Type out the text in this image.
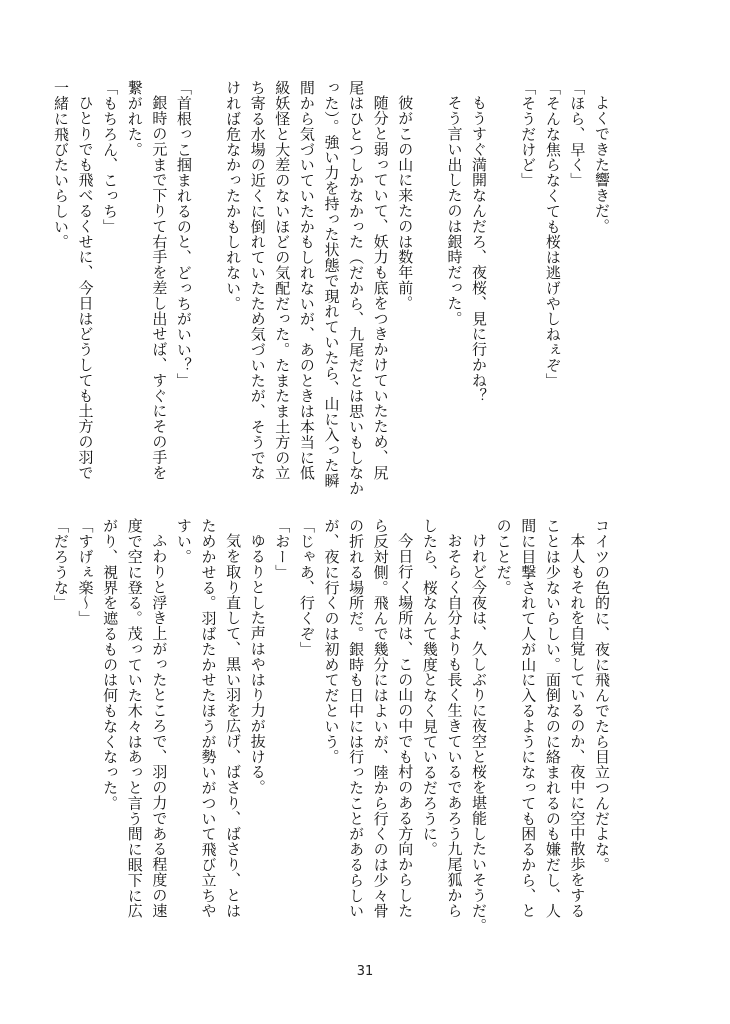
よくできた響きだ。
「ほら、早く」
「そんな焦らなくても桜は逃げやしねぇぞ」
「そうだけど」

もうすぐ満開なんだろ、夜桜、見に行かね？
そう言い出したのは銀時だった。

彼がこの山に来たのは数年前。
随分と弱っていて、妖力も底をつきかけていたため、尻
尾はひとつしかなかった（だから、九尾だとは思いもしなか
った）。強い力を持った状態で現れていたら、山に入った瞬
間から気づいていたかもしれないが、あのときは本当に低
級妖怪と大差のないほどの気配だった。たまたま土方の立
ち寄る水場の近くに倒れていたため気づいたが、そうでな
ければ危なかったかもしれない。

「首根っこ掴まれるのと、どっちがいい？」
銀時の元まで下りて右手を差し出せば、すぐにその手を
繋がれた。
「もちろん、こっち」
ひとりでも飛べるくせに、今日はどうしても土方の羽で
一緒に飛びたいらしい。
コイツの色的に、夜に飛んでたら目立つんだよな。
本人もそれを自覚しているのか、夜中に空中散歩をする
ことは少ないらしい。面倒なのに絡まれるのも嫌だし、人
間に目撃されて人が山に入るようになっても困るから、と
のことだ。
けれど今夜は、久しぶりに夜空と桜を堪能したいそうだ。
おそらく自分よりも長く生きているであろう九尾狐から
したら、桜なんて幾度となく見ているだろうに。
今日行く場所は、この山の中でも村のある方向からした
ら反対側。飛んで幾分にはよいが、陸から行くのは少々骨
の折れる場所だ。銀時も日中には行ったことがあるらしい
が、夜に行くのは初めてだという。
「じゃあ、行くぞ」
「おー」
ゆるりとした声はやはり力が抜ける。
気を取り直して、黒い羽を広げ、ばさり、ばさり、とは
ためかせる。羽ばたかせたほうが勢いがついて飛び立ちや
すい。
ふわりと浮き上がったところで、羽の力である程度の速
度で空に登る。茂っていた木々はあっと言う間に眼下に広
がり、視界を遮るものは何もなくなった。
「すげぇ楽～」
「だろうな」
31
